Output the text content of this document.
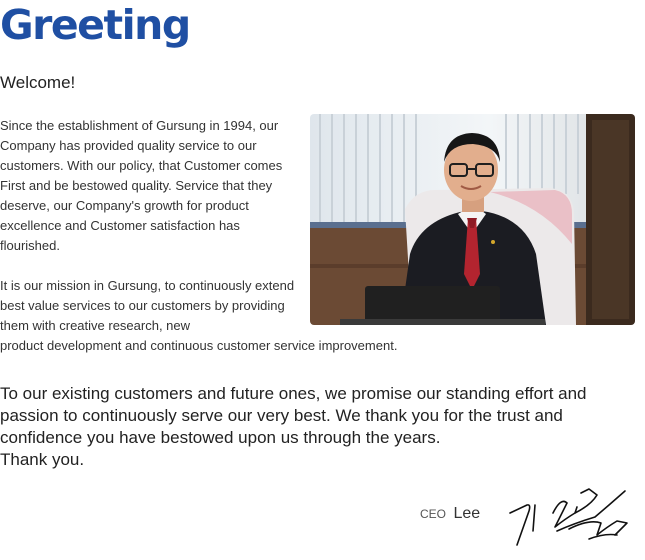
Greeting
Welcome!

Since the establishment of Gursung in 1994, our Company has provided quality service to our customers. With our policy, that Customer comes First and be bestowed quality. Service that they deserve, our Company's growth for product excellence and Customer satisfaction has flourished.

It is our mission in Gursung, to continuously extend best value services to our customers by providing them with creative research, new

product development and continuous customer service improvement.

To our existing customers and future ones, we promise our standing effort and passion to continuously serve our very best. We thank you for the trust and confidence you have bestowed upon us through the years.
Thank you.

CEO Lee
